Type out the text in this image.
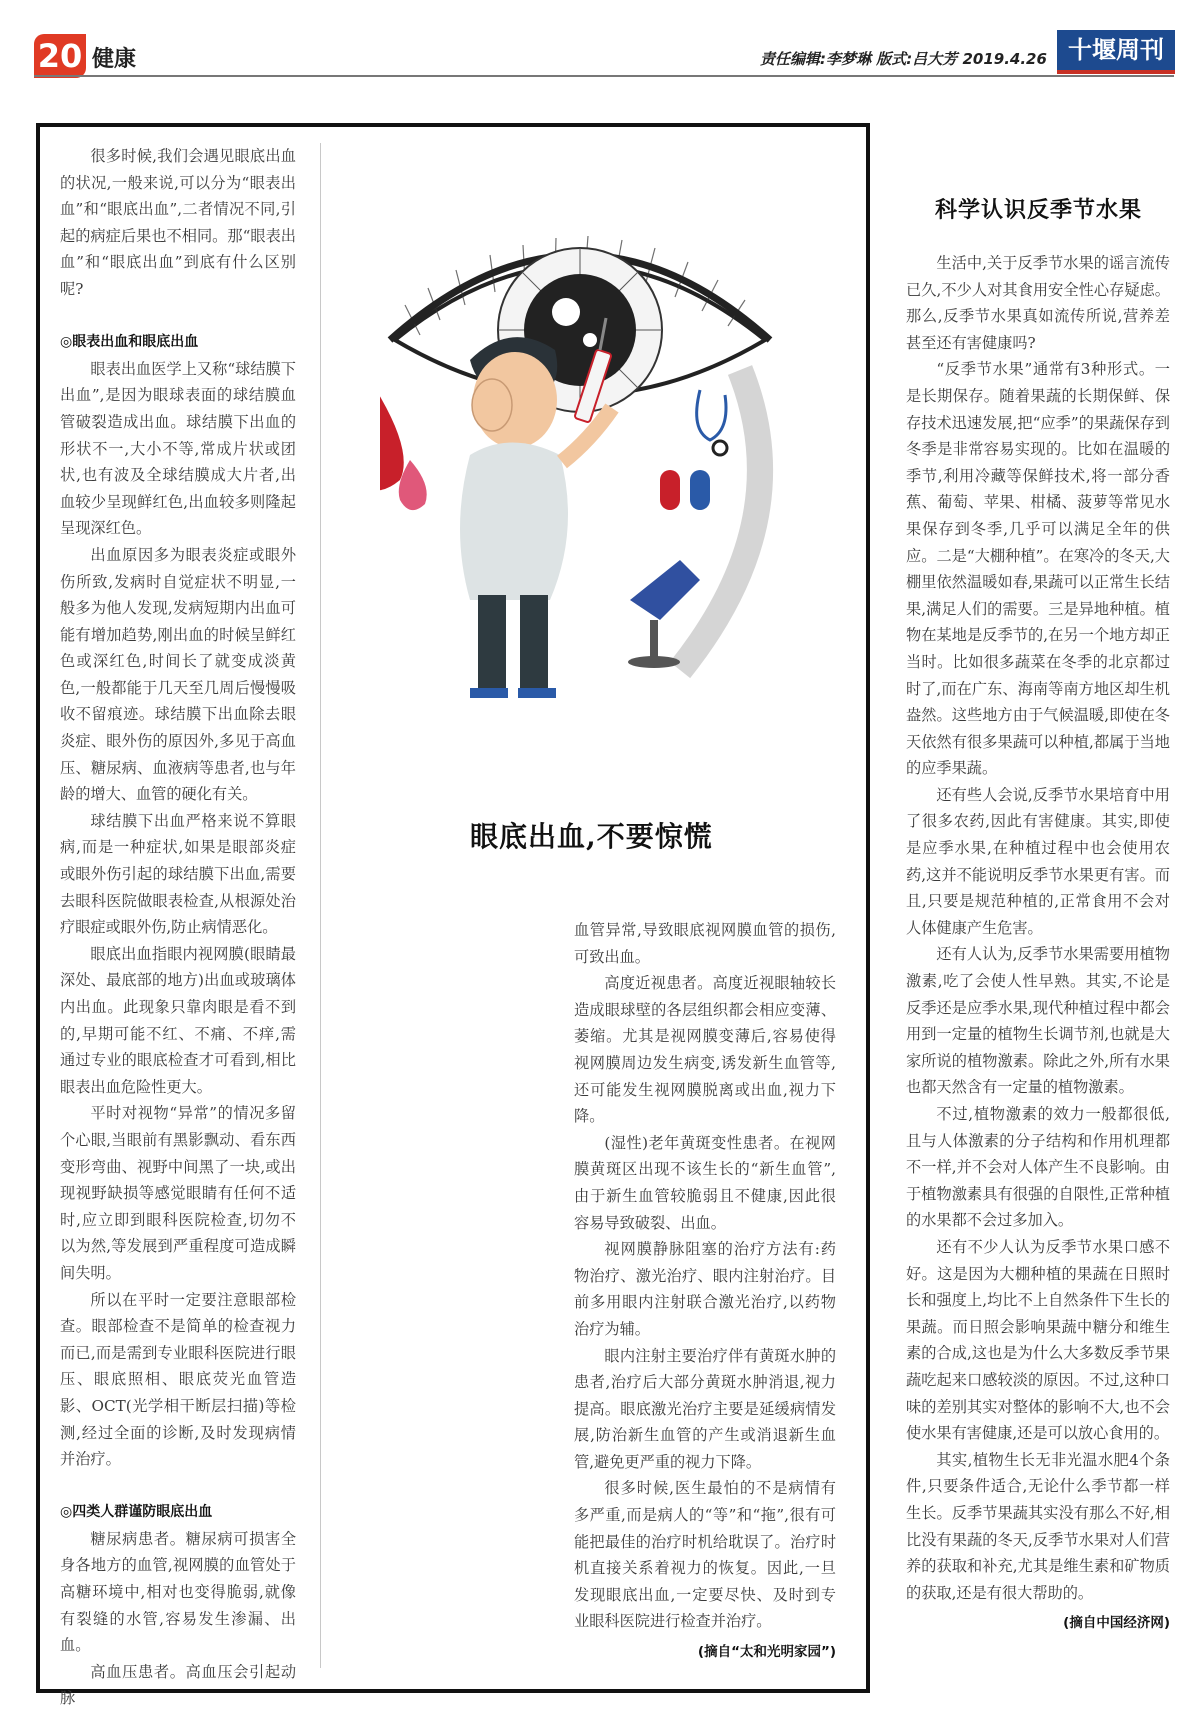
20 健康	责任编辑:李梦琳 版式:吕大芳 2019.4.26 十堰周刊

很多时候,我们会遇见眼底出血的状况,一般来说,可以分为“眼表出血”和“眼底出血”,二者情况不同,引起的病症后果也不相同。那“眼表出血”和“眼底出血”到底有什么区别呢?

◎眼表出血和眼底出血

眼表出血医学上又称“球结膜下出血”,是因为眼球表面的球结膜血管破裂造成出血。球结膜下出血的形状不一,大小不等,常成片状或团状,也有波及全球结膜成大片者,出血较少呈现鲜红色,出血较多则隆起呈现深红色。

出血原因多为眼表炎症或眼外伤所致,发病时自觉症状不明显,一般多为他人发现,发病短期内出血可能有增加趋势,刚出血的时候呈鲜红色或深红色,时间长了就变成淡黄色,一般都能于几天至几周后慢慢吸收不留痕迹。球结膜下出血除去眼炎症、眼外伤的原因外,多见于高血压、糖尿病、血液病等患者,也与年龄的增大、血管的硬化有关。

球结膜下出血严格来说不算眼病,而是一种症状,如果是眼部炎症或眼外伤引起的球结膜下出血,需要去眼科医院做眼表检查,从根源处治疗眼症或眼外伤,防止病情恶化。

眼底出血指眼内视网膜(眼睛最深处、最底部的地方)出血或玻璃体内出血。此现象只靠肉眼是看不到的,早期可能不红、不痛、不痒,需通过专业的眼底检查才可看到,相比眼表出血危险性更大。

平时对视物“异常”的情况多留个心眼,当眼前有黑影飘动、看东西变形弯曲、视野中间黑了一块,或出现视野缺损等感觉眼睛有任何不适时,应立即到眼科医院检查,切勿不以为然,等发展到严重程度可造成瞬间失明。

所以在平时一定要注意眼部检查。眼部检查不是简单的检查视力而已,而是需到专业眼科医院进行眼压、眼底照相、眼底荧光血管造影、OCT(光学相干断层扫描)等检测,经过全面的诊断,及时发现病情并治疗。

◎四类人群谨防眼底出血

糖尿病患者。糖尿病可损害全身各地方的血管,视网膜的血管处于高糖环境中,相对也变得脆弱,就像有裂缝的水管,容易发生渗漏、出血。

高血压患者。高血压会引起动脉

眼底出血,不要惊慌

血管异常,导致眼底视网膜血管的损伤,可致出血。

高度近视患者。高度近视眼轴较长造成眼球壁的各层组织都会相应变薄、萎缩。尤其是视网膜变薄后,容易使得视网膜周边发生病变,诱发新生血管等,还可能发生视网膜脱离或出血,视力下降。

(湿性)老年黄斑变性患者。在视网膜黄斑区出现不该生长的“新生血管”,由于新生血管较脆弱且不健康,因此很容易导致破裂、出血。

视网膜静脉阻塞的治疗方法有:药物治疗、激光治疗、眼内注射治疗。目前多用眼内注射联合激光治疗,以药物治疗为辅。

眼内注射主要治疗伴有黄斑水肿的患者,治疗后大部分黄斑水肿消退,视力提高。眼底激光治疗主要是延缓病情发展,防治新生血管的产生或消退新生血管,避免更严重的视力下降。

很多时候,医生最怕的不是病情有多严重,而是病人的“等”和“拖”,很有可能把最佳的治疗时机给耽误了。治疗时机直接关系着视力的恢复。因此,一旦发现眼底出血,一定要尽快、及时到专业眼科医院进行检查并治疗。

(摘自“太和光明家园”)
科学认识反季节水果

生活中,关于反季节水果的谣言流传已久,不少人对其食用安全性心存疑虑。那么,反季节水果真如流传所说,营养差甚至还有害健康吗?

“反季节水果”通常有3种形式。一是长期保存。随着果蔬的长期保鲜、保存技术迅速发展,把“应季”的果蔬保存到冬季是非常容易实现的。比如在温暖的季节,利用冷藏等保鲜技术,将一部分香蕉、葡萄、苹果、柑橘、菠萝等常见水果保存到冬季,几乎可以满足全年的供应。二是“大棚种植”。在寒冷的冬天,大棚里依然温暖如春,果蔬可以正常生长结果,满足人们的需要。三是异地种植。植物在某地是反季节的,在另一个地方却正当时。比如很多蔬菜在冬季的北京都过时了,而在广东、海南等南方地区却生机盎然。这些地方由于气候温暖,即使在冬天依然有很多果蔬可以种植,都属于当地的应季果蔬。

还有些人会说,反季节水果培育中用了很多农药,因此有害健康。其实,即使是应季水果,在种植过程中也会使用农药,这并不能说明反季节水果更有害。而且,只要是规范种植的,正常食用不会对人体健康产生危害。

还有人认为,反季节水果需要用植物激素,吃了会使人性早熟。其实,不论是反季还是应季水果,现代种植过程中都会用到一定量的植物生长调节剂,也就是大家所说的植物激素。除此之外,所有水果也都天然含有一定量的植物激素。

不过,植物激素的效力一般都很低,且与人体激素的分子结构和作用机理都不一样,并不会对人体产生不良影响。由于植物激素具有很强的自限性,正常种植的水果都不会过多加入。

还有不少人认为反季节水果口感不好。这是因为大棚种植的果蔬在日照时长和强度上,均比不上自然条件下生长的果蔬。而日照会影响果蔬中糖分和维生素的合成,这也是为什么大多数反季节果蔬吃起来口感较淡的原因。不过,这种口味的差别其实对整体的影响不大,也不会使水果有害健康,还是可以放心食用的。

其实,植物生长无非光温水肥4个条件,只要条件适合,无论什么季节都一样生长。反季节果蔬其实没有那么不好,相比没有果蔬的冬天,反季节水果对人们营养的获取和补充,尤其是维生素和矿物质的获取,还是有很大帮助的。

(摘自中国经济网)
